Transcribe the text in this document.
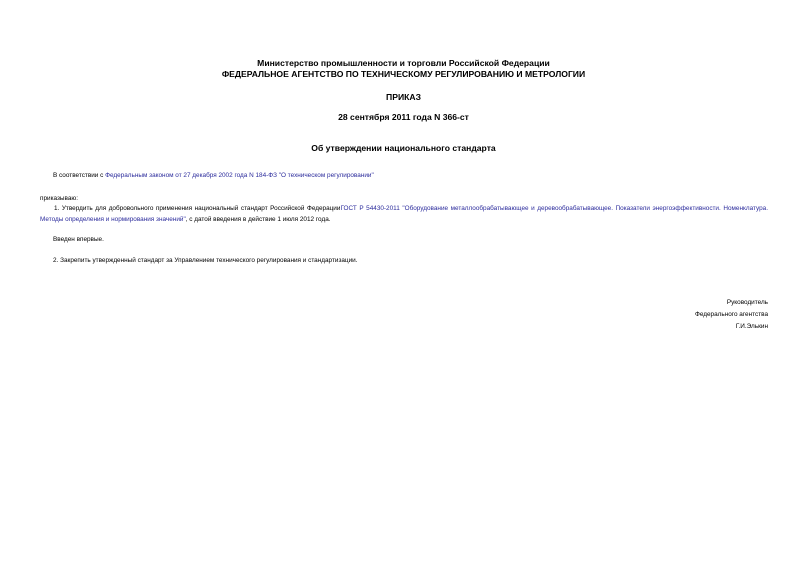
Министерство промышленности и торговли Российской Федерации
ФЕДЕРАЛЬНОЕ АГЕНТСТВО ПО ТЕХНИЧЕСКОМУ РЕГУЛИРОВАНИЮ И МЕТРОЛОГИИ
ПРИКАЗ
28 сентября 2011 года N 366-ст
Об утверждении национального стандарта
В соответствии с Федеральным законом от 27 декабря 2002 года N 184-ФЗ "О техническом регулировании"
приказываю:
1. Утвердить для добровольного применения национальный стандарт Российской ФедерацииГОСТ Р 54430-2011 "Оборудование металлообрабатывающее и деревообрабатывающее. Показатели энергоэффективности. Номенклатура. Методы определения и нормирования значений", с датой введения в действие 1 июля 2012 года.
Введен впервые.
2. Закрепить утвержденный стандарт за Управлением технического регулирования и стандартизации.
Руководитель
Федерального агентства
Г.И.Элькин
